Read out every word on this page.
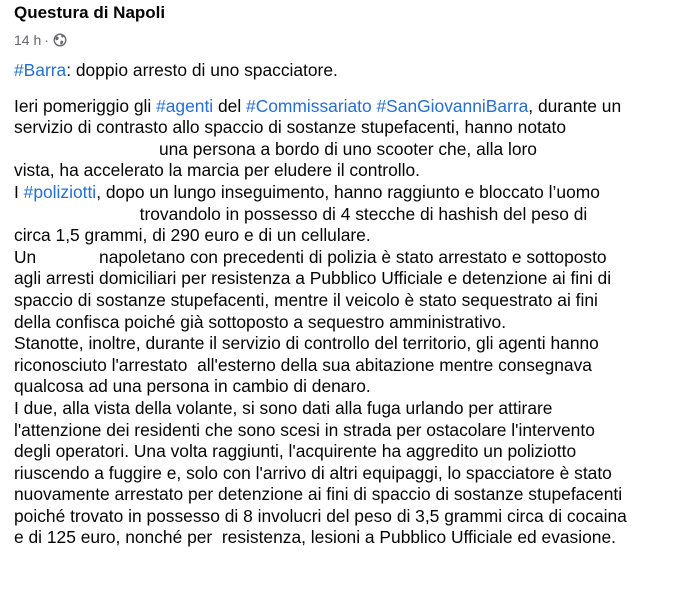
Questura di Napoli
14 h ·
#Barra: doppio arresto di uno spacciatore.
Ieri pomeriggio gli #agenti del #Commissariato #SanGiovanniBarra, durante un
servizio di contrasto allo spaccio di sostanze stupefacenti, hanno notato
una persona a bordo di uno scooter che, alla loro
vista, ha accelerato la marcia per eludere il controllo.
I #poliziotti, dopo un lungo inseguimento, hanno raggiunto e bloccato l’uomo
trovandolo in possesso di 4 stecche di hashish del peso di
circa 1,5 grammi, di 290 euro e di un cellulare.
Un             napoletano con precedenti di polizia è stato arrestato e sottoposto
agli arresti domiciliari per resistenza a Pubblico Ufficiale e detenzione ai fini di
spaccio di sostanze stupefacenti, mentre il veicolo è stato sequestrato ai fini
della confisca poiché già sottoposto a sequestro amministrativo.
Stanotte, inoltre, durante il servizio di controllo del territorio, gli agenti hanno
riconosciuto l'arrestato  all'esterno della sua abitazione mentre consegnava
qualcosa ad una persona in cambio di denaro.
I due, alla vista della volante, si sono dati alla fuga urlando per attirare
l'attenzione dei residenti che sono scesi in strada per ostacolare l'intervento
degli operatori. Una volta raggiunti, l'acquirente ha aggredito un poliziotto
riuscendo a fuggire e, solo con l'arrivo di altri equipaggi, lo spacciatore è stato
nuovamente arrestato per detenzione ai fini di spaccio di sostanze stupefacenti
poiché trovato in possesso di 8 involucri del peso di 3,5 grammi circa di cocaina
e di 125 euro, nonché per  resistenza, lesioni a Pubblico Ufficiale ed evasione.
